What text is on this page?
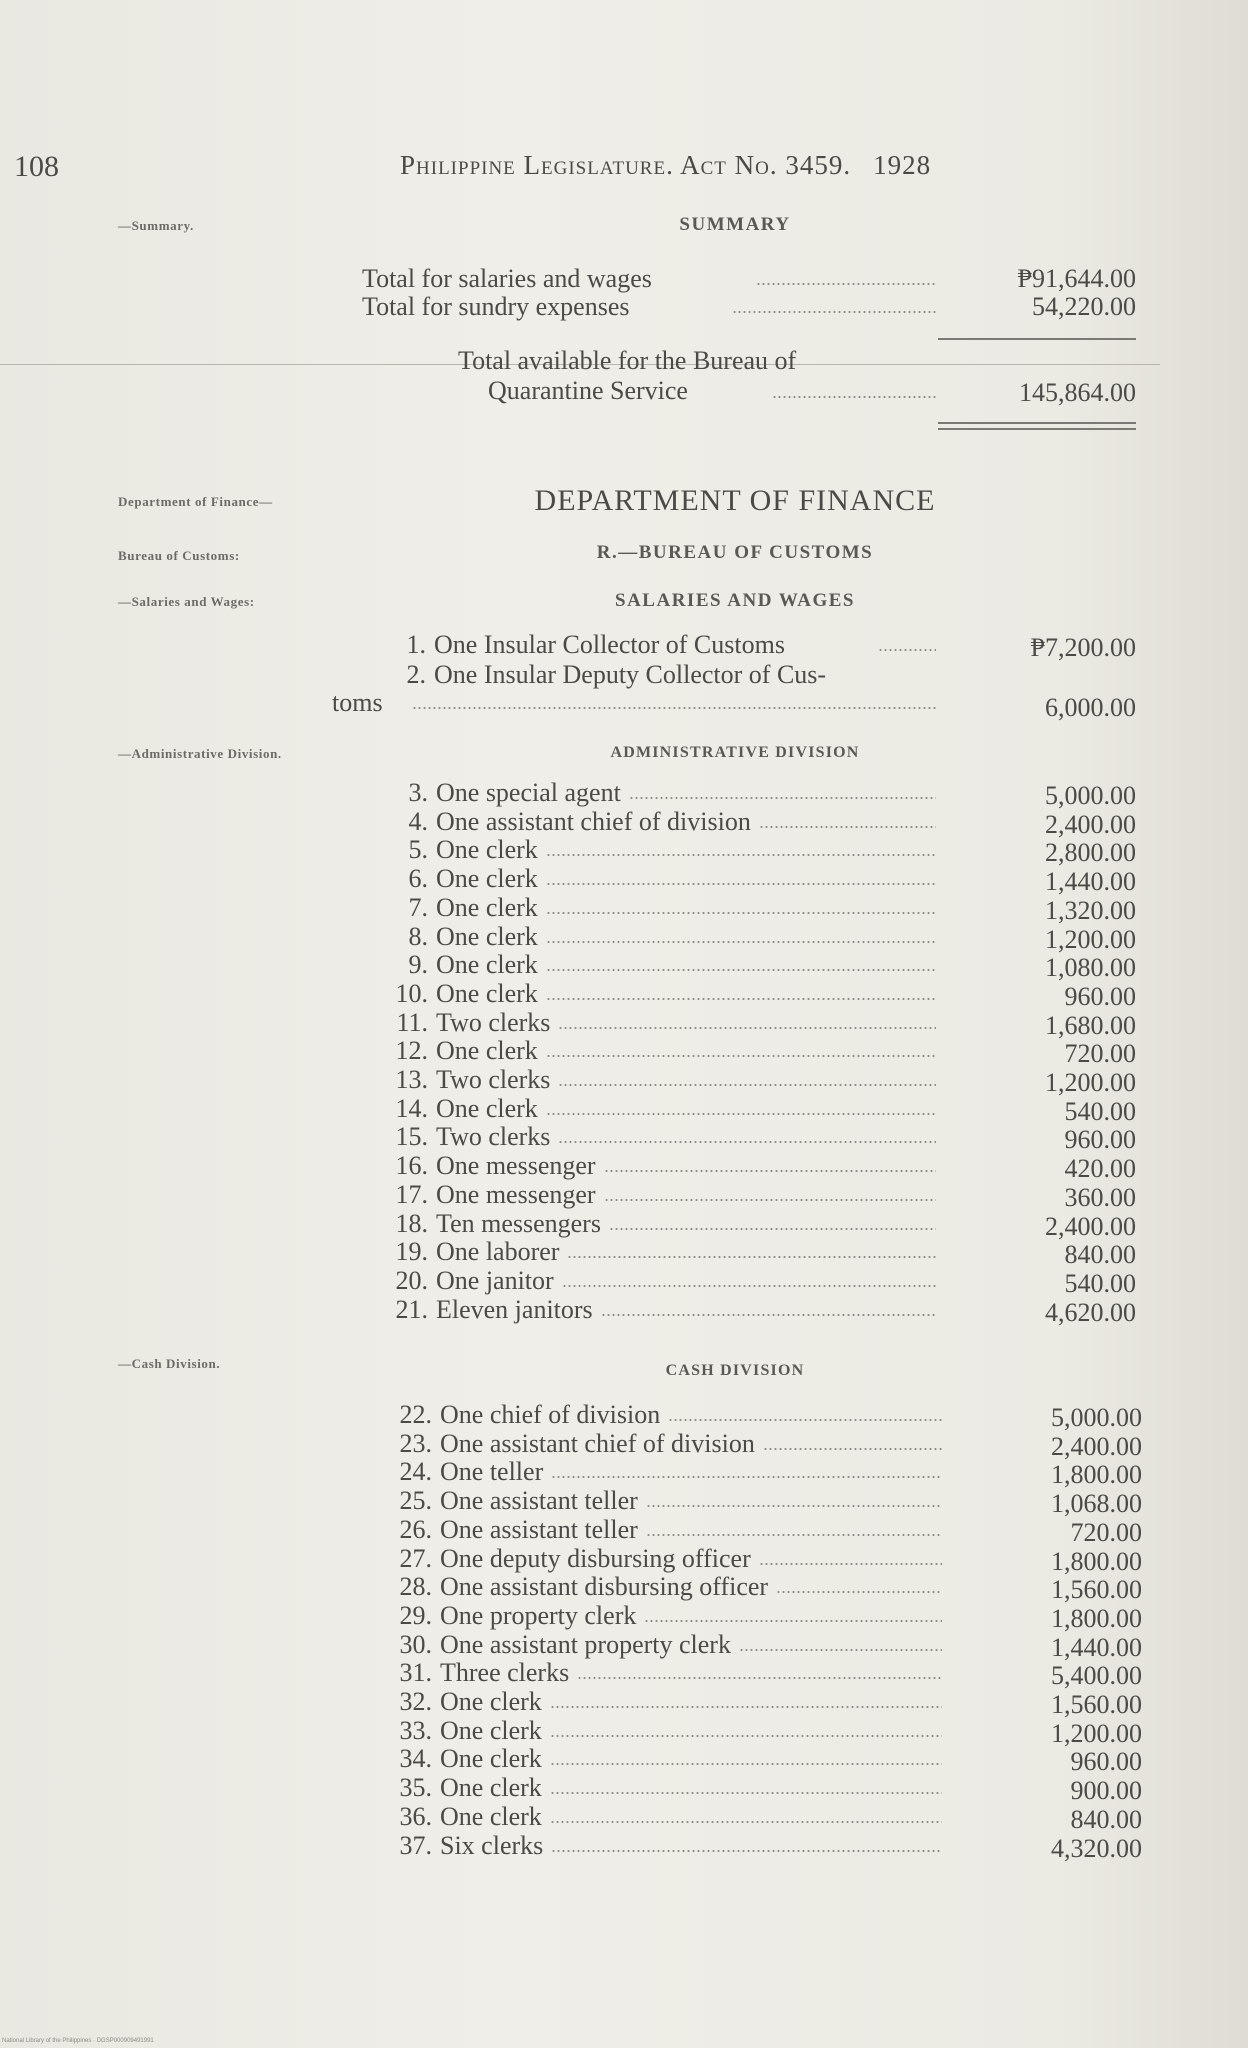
108	Philippine Legislature. Act No. 3459. 1928
—Summary.	SUMMARY
Total for salaries and wages	₱91,644.00
Total for sundry expenses	54,220.00
Total available for the Bureau of
Quarantine Service	145,864.00
Department of Finance—	DEPARTMENT OF FINANCE
Bureau of Customs:	R.—BUREAU OF CUSTOMS
—Salaries and Wages:	SALARIES AND WAGES
1. One Insular Collector of Customs	₱7,200.00
2. One Insular Deputy Collector of Cus-
toms	6,000.00
—Administrative Division.	ADMINISTRATIVE DIVISION
3. One special agent	5,000.00
4. One assistant chief of division	2,400.00
5. One clerk	2,800.00
6. One clerk	1,440.00
7. One clerk	1,320.00
8. One clerk	1,200.00
9. One clerk	1,080.00
10. One clerk	960.00
11. Two clerks	1,680.00
12. One clerk	720.00
13. Two clerks	1,200.00
14. One clerk	540.00
15. Two clerks	960.00
16. One messenger	420.00
17. One messenger	360.00
18. Ten messengers	2,400.00
19. One laborer	840.00
20. One janitor	540.00
21. Eleven janitors	4,620.00
—Cash Division.	CASH DIVISION
22. One chief of division	5,000.00
23. One assistant chief of division	2,400.00
24. One teller	1,800.00
25. One assistant teller	1,068.00
26. One assistant teller	720.00
27. One deputy disbursing officer	1,800.00
28. One assistant disbursing officer	1,560.00
29. One property clerk	1,800.00
30. One assistant property clerk	1,440.00
31. Three clerks	5,400.00
32. One clerk	1,560.00
33. One clerk	1,200.00
34. One clerk	960.00
35. One clerk	900.00
36. One clerk	840.00
37. Six clerks	4,320.00
National Library of the Philippines · DGSP000909491991
